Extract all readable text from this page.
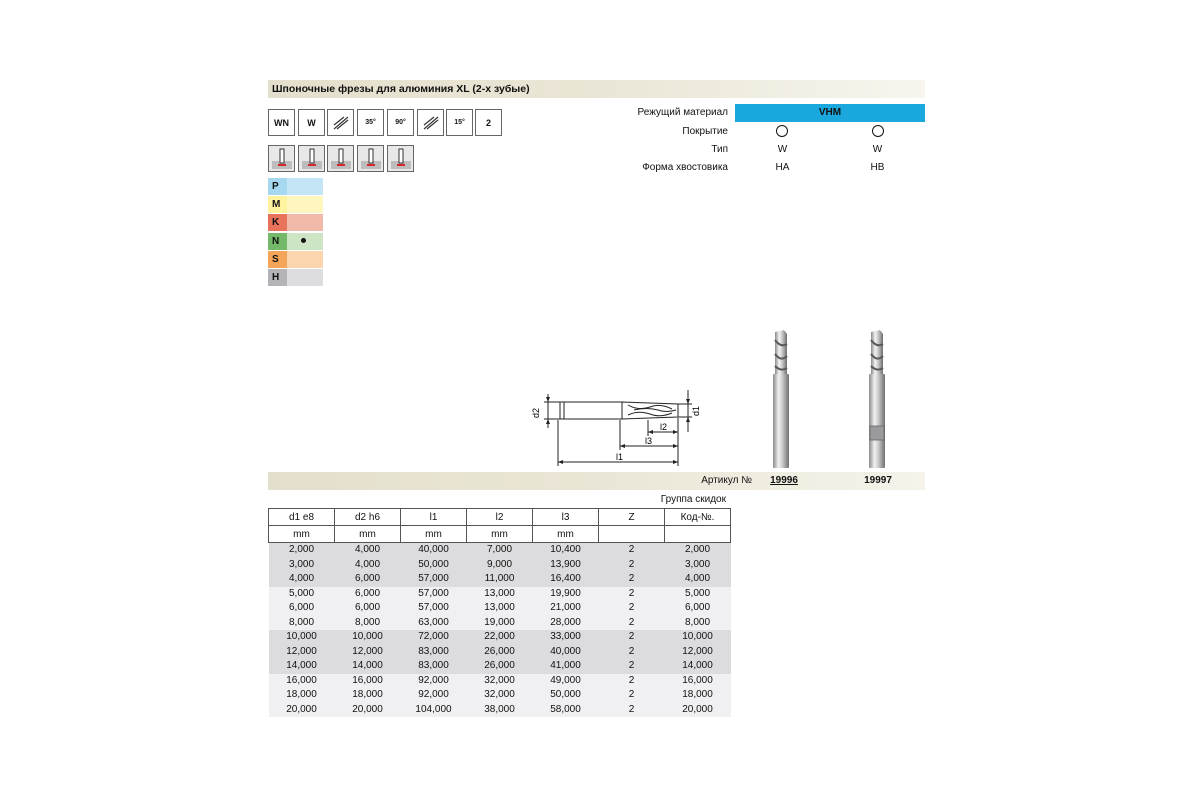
Шпоночные фрезы для алюминия XL (2-х зубые)
WN W	35°	90°	15° 2
P
M
K
N
S
H
Режущий материал	VHM
Покрытие
Тип	W	W
Форма хвостовика	HA	HB
d2	d1
l2
l3
l1
Артикул №	19996	19997
Группа скидок
d1 e8	d2 h6	l1	l2	l3	Z	Код-№.
mm	mm	mm	mm	mm		
2,000	4,000	40,000	7,000	10,400	2	2,000
3,000	4,000	50,000	9,000	13,900	2	3,000
4,000	6,000	57,000	11,000	16,400	2	4,000
5,000	6,000	57,000	13,000	19,900	2	5,000
6,000	6,000	57,000	13,000	21,000	2	6,000
8,000	8,000	63,000	19,000	28,000	2	8,000
10,000	10,000	72,000	22,000	33,000	2	10,000
12,000	12,000	83,000	26,000	40,000	2	12,000
14,000	14,000	83,000	26,000	41,000	2	14,000
16,000	16,000	92,000	32,000	49,000	2	16,000
18,000	18,000	92,000	32,000	50,000	2	18,000
20,000	20,000	104,000	38,000	58,000	2	20,000
